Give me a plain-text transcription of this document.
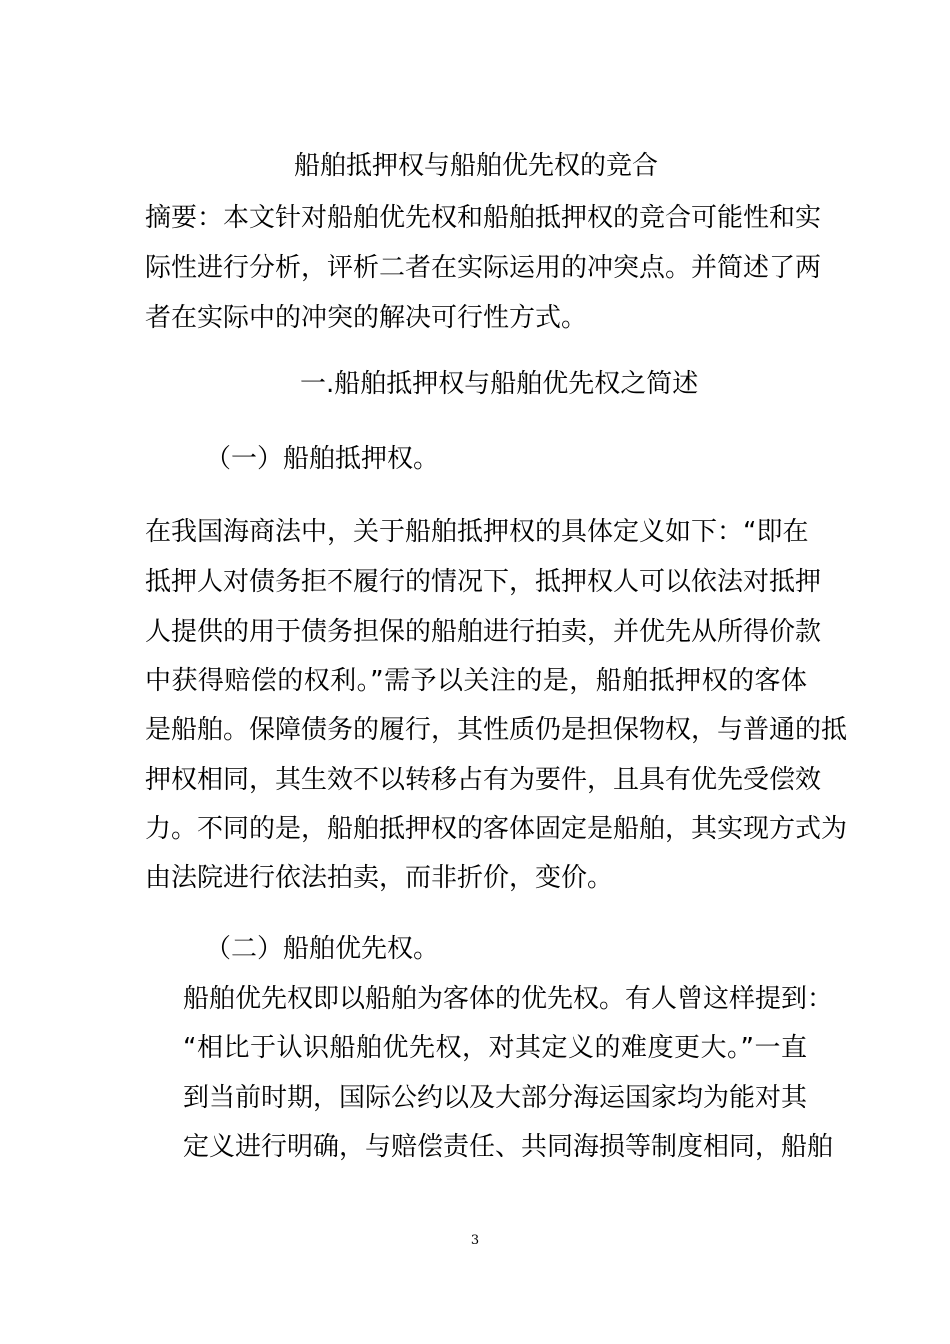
船舶抵押权与船舶优先权的竞合
摘要：本文针对船舶优先权和船舶抵押权的竞合可能性和实
际性进行分析，评析二者在实际运用的冲突点。并简述了两
者在实际中的冲突的解决可行性方式。
一.船舶抵押权与船舶优先权之简述
（一）船舶抵押权。
在我国海商法中，关于船舶抵押权的具体定义如下：“即在
抵押人对债务拒不履行的情况下，抵押权人可以依法对抵押
人提供的用于债务担保的船舶进行拍卖，并优先从所得价款
中获得赔偿的权利。”需予以关注的是，船舶抵押权的客体
是船舶。保障债务的履行，其性质仍是担保物权，与普通的抵
押权相同，其生效不以转移占有为要件，且具有优先受偿效
力。不同的是，船舶抵押权的客体固定是船舶，其实现方式为
由法院进行依法拍卖，而非折价，变价。
（二）船舶优先权。
船舶优先权即以船舶为客体的优先权。有人曾这样提到：
“相比于认识船舶优先权，对其定义的难度更大。”一直
到当前时期，国际公约以及大部分海运国家均为能对其
定义进行明确，与赔偿责任、共同海损等制度相同，船舶
3
